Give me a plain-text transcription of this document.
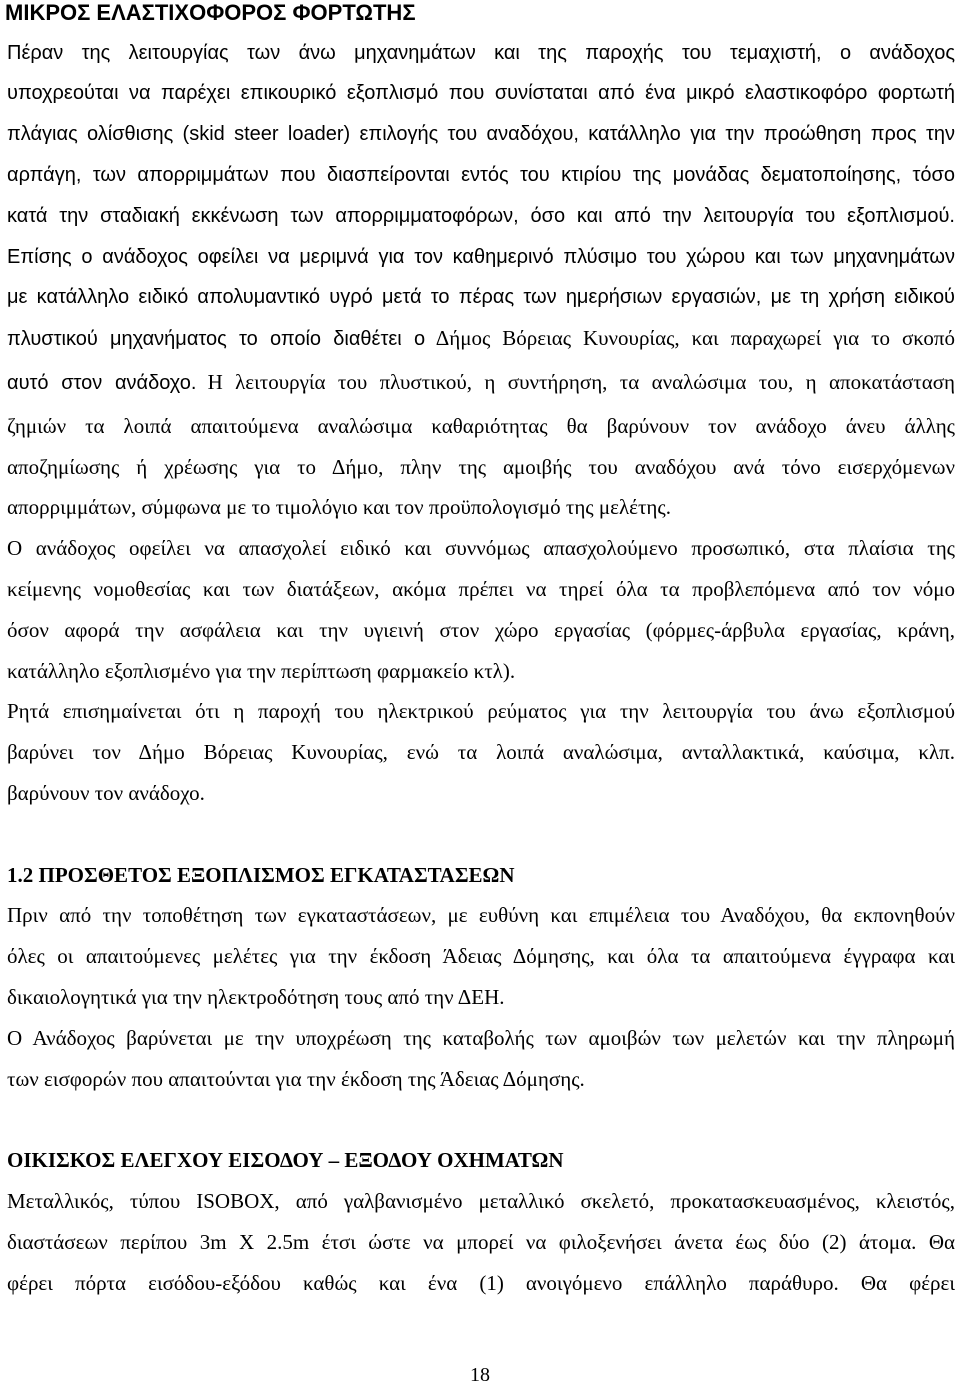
ΜΙΚΡΟΣ ΕΛΑΣΤΙΧΟΦΟΡΟΣ ΦΟΡΤΩΤΗΣ
Πέραν της λειτουργίας των άνω μηχανημάτων και της παροχής του τεμαχιστή, ο ανάδοχος
υποχρεούται να παρέχει επικουρικό εξοπλισμό που συνίσταται από ένα μικρό ελαστικοφόρο φορτωτή
πλάγιας ολίσθισης (skid steer loader) επιλογής του αναδόχου, κατάλληλο για την προώθηση προς την
αρπάγη, των απορριμμάτων που διασπείρονται εντός του κτιρίου της μονάδας δεματοποίησης, τόσο
κατά την σταδιακή εκκένωση των απορριμματοφόρων, όσο και από την λειτουργία του εξοπλισμού.
Επίσης ο ανάδοχος οφείλει να μεριμνά για τον καθημερινό πλύσιμο του χώρου και των μηχανημάτων
με κατάλληλο ειδικό απολυμαντικό υγρό μετά το πέρας των ημερήσιων εργασιών, με τη χρήση ειδικού
πλυστικού μηχανήματος το οποίο διαθέτει ο Δήμος Βόρειας Κυνουρίας, και παραχωρεί για το σκοπό
αυτό στον ανάδοχο. Η λειτουργία του πλυστικού, η συντήρηση, τα αναλώσιμα του, η αποκατάσταση
ζημιών τα λοιπά απαιτούμενα αναλώσιμα καθαριότητας θα βαρύνουν τον ανάδοχο άνευ άλλης
αποζημίωσης ή χρέωσης για το Δήμο, πλην της αμοιβής του αναδόχου ανά τόνο εισερχόμενων
απορριμμάτων, σύμφωνα με το τιμολόγιο και τον προϋπολογισμό της μελέτης.
Ο ανάδοχος οφείλει να απασχολεί ειδικό και συννόμως απασχολούμενο προσωπικό, στα πλαίσια της
κείμενης νομοθεσίας και των διατάξεων, ακόμα πρέπει να τηρεί όλα τα προβλεπόμενα από τον νόμο
όσον αφορά την ασφάλεια και την υγιεινή στον χώρο εργασίας (φόρμες-άρβυλα εργασίας, κράνη,
κατάλληλο εξοπλισμένο για την περίπτωση φαρμακείο κτλ).
Ρητά επισημαίνεται ότι η παροχή του ηλεκτρικού ρεύματος για την λειτουργία του άνω εξοπλισμού
βαρύνει τον Δήμο Βόρειας Κυνουρίας, ενώ τα λοιπά αναλώσιμα, ανταλλακτικά, καύσιμα, κλπ.
βαρύνουν τον ανάδοχο.
1.2 ΠΡΟΣΘΕΤΟΣ ΕΞΟΠΛΙΣΜΟΣ ΕΓΚΑΤΑΣΤΑΣΕΩΝ
Πριν από την τοποθέτηση των εγκαταστάσεων, με ευθύνη και επιμέλεια του Αναδόχου, θα εκπονηθούν
όλες οι απαιτούμενες μελέτες για την έκδοση Άδειας Δόμησης, και όλα τα απαιτούμενα έγγραφα και
δικαιολογητικά για την ηλεκτροδότηση τους από την ΔΕΗ.
Ο Ανάδοχος βαρύνεται με την υποχρέωση της καταβολής των αμοιβών των μελετών και την πληρωμή
των εισφορών που απαιτούνται για την έκδοση της Άδειας Δόμησης.
ΟΙΚΙΣΚΟΣ ΕΛΕΓΧΟΥ ΕΙΣΟΔΟΥ – ΕΞΟΔΟΥ ΟΧΗΜΑΤΩΝ
Μεταλλικός, τύπου ISOBOX, από γαλβανισμένο μεταλλικό σκελετό, προκατασκευασμένος, κλειστός,
διαστάσεων περίπου 3m X 2.5m έτσι ώστε να μπορεί να φιλοξενήσει άνετα έως δύο (2) άτομα. Θα
φέρει πόρτα εισόδου-εξόδου καθώς και ένα (1) ανοιγόμενο επάλληλο παράθυρο. Θα φέρει
18
